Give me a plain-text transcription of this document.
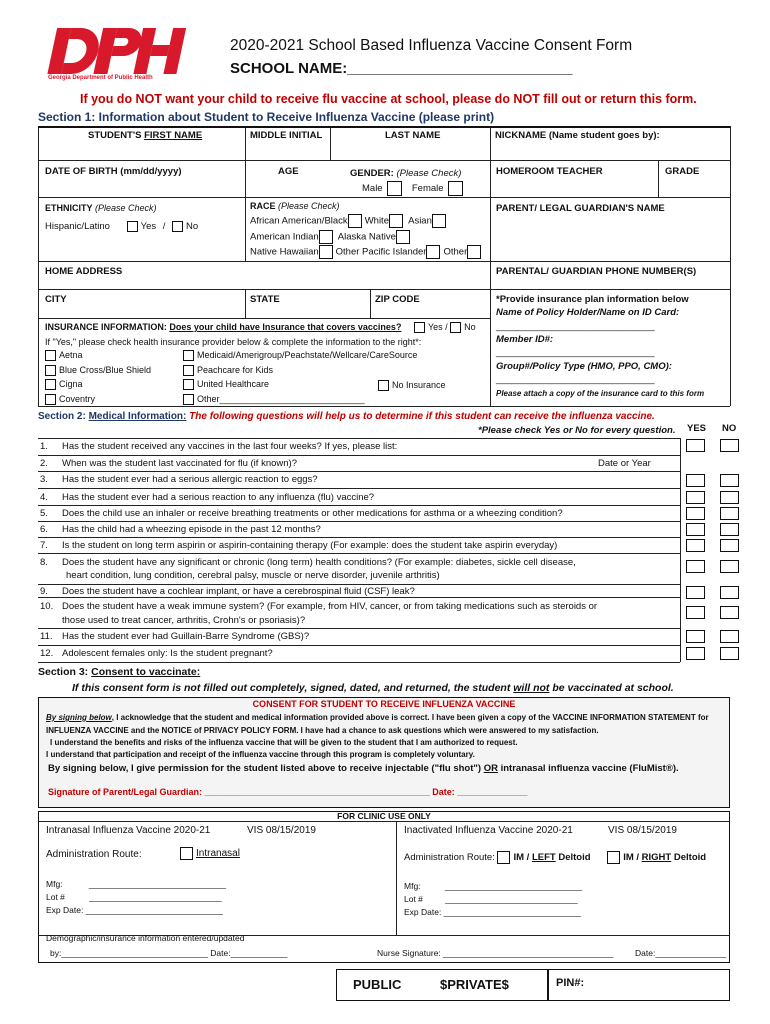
Georgia Department of Public Health
2020-2021 School Based Influenza Vaccine Consent Form
SCHOOL NAME:___________________________
If you do NOT want your child to receive flu vaccine at school, please do NOT fill out or return this form.
Section 1: Information about Student to Receive Influenza Vaccine (please print)
STUDENT'S FIRST NAME	MIDDLE INITIAL	LAST NAME	NICKNAME (Name student goes by):
DATE OF BIRTH (mm/dd/yyyy)	AGE	GENDER: (Please Check)
Male	Female
HOMEROOM TEACHER	GRADE
ETHNICITY (Please Check)
Hispanic/Latino	Yes / No
RACE (Please Check)
African American/Black White Asian
American Indian Alaska Native
Native Hawaiian Other Pacific Islander Other
PARENT/ LEGAL GUARDIAN'S NAME
HOME ADDRESS	PARENTAL/ GUARDIAN PHONE NUMBER(S)
CITY	STATE	ZIP CODE	*Provide insurance plan information below
Name of Policy Holder/Name on ID Card:
______________________________
Member ID#:
______________________________
Group#/Policy Type (HMO, PPO, CMO):
______________________________
Please attach a copy of the insurance card to this form
INSURANCE INFORMATION: Does your child have Insurance that covers vaccines?	Yes / No
If "Yes," please check health insurance provider below & complete the information to the right*:
Aetna
Blue Cross/Blue Shield
Cigna
Coventry
Medicaid/Amerigroup/Peachstate/Wellcare/CareSource
Peachcare for Kids
United Healthcare
Other_____________________________
No Insurance
Section 2: Medical Information: The following questions will help us to determine if this student can receive the influenza vaccine.
*Please check Yes or No for every question. YES NO
1. Has the student received any vaccines in the last four weeks? If yes, please list:
2. When was the student last vaccinated for flu (if known)?	Date or Year
3. Has the student ever had a serious allergic reaction to eggs?
4. Has the student ever had a serious reaction to any influenza (flu) vaccine?
5. Does the child use an inhaler or receive breathing treatments or other medications for asthma or a wheezing condition?
6. Has the child had a wheezing episode in the past 12 months?
7. Is the student on long term aspirin or aspirin-containing therapy (For example: does the student take aspirin everyday)
8. Does the student have any significant or chronic (long term) health conditions? (For example: diabetes, sickle cell disease,
heart condition, lung condition, cerebral palsy, muscle or nerve disorder, juvenile arthritis)
9. Does the student have a cochlear implant, or have a cerebrospinal fluid (CSF) leak?
10. Does the student have a weak immune system? (For example, from HIV, cancer, or from taking medications such as steroids or
those used to treat cancer, arthritis, Crohn's or psoriasis)?
11. Has the student ever had Guillain-Barre Syndrome (GBS)?
12. Adolescent females only: Is the student pregnant?
Section 3: Consent to vaccinate:
If this consent form is not filled out completely, signed, dated, and returned, the student will not be vaccinated at school.
CONSENT FOR STUDENT TO RECEIVE INFLUENZA VACCINE
By signing below, I acknowledge that the student and medical information provided above is correct. I have been given a copy of the VACCINE INFORMATION STATEMENT for INFLUENZA VACCINE and the NOTICE of PRIVACY POLICY FORM. I have had a chance to ask questions which were answered to my satisfaction.
I understand the benefits and risks of the influenza vaccine that will be given to the student that I am authorized to request.
I understand that participation and receipt of the influenza vaccine through this program is completely voluntary.
By signing below, I give permission for the student listed above to receive injectable ("flu shot") OR intranasal influenza vaccine (FluMist®).
Signature of Parent/Legal Guardian: _____________________________________________ Date: ______________
FOR CLINIC USE ONLY
Intranasal Influenza Vaccine 2020-21	VIS 08/15/2019	Inactivated Influenza Vaccine 2020-21	VIS 08/15/2019
Administration Route:	Intranasal	Administration Route: IM / LEFT Deltoid	IM / RIGHT Deltoid
Mfg:	_____________________________
Lot #	____________________________
Exp Date: _____________________________
Mfg:	_____________________________
Lot #	____________________________
Exp Date: _____________________________
Demographic/insurance information entered/updated
by:_______________________________ Date:____________	Nurse Signature: ____________________________________	Date:_______________
PUBLIC	$PRIVATE$	PIN#:
